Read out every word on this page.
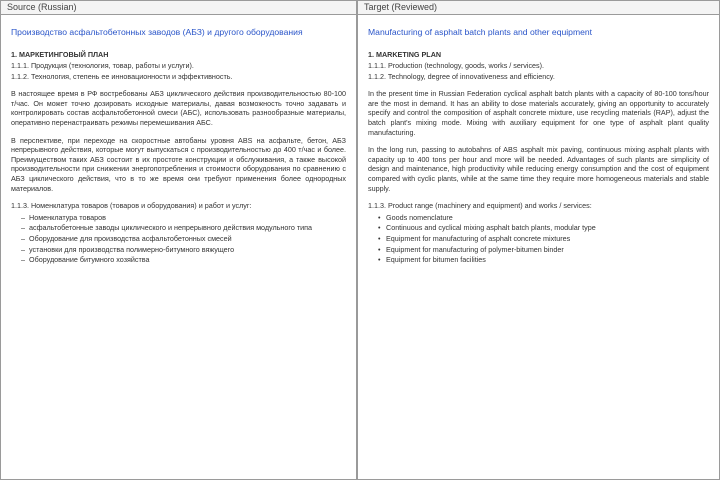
Source (Russian)
Производство асфальтобетонных заводов (АБЗ) и другого оборудования
1. МАРКЕТИНГОВЫЙ ПЛАН
1.1.1. Продукция (технология, товар, работы и услуги).
1.1.2. Технология, степень ее инновационности и эффективность.
В настоящее время в РФ востребованы АБЗ циклического действия производительностью 80-100 т/час. Он может точно дозировать исходные материалы, давая возможность точно задавать и контролировать состав асфальтобетонной смеси (АБС), использовать разнообразные материалы, оперативно перенастраивать режимы перемешивания АБС.
В перспективе, при переходе на скоростные автобаны уровня ABS на асфальте, бетон, АБЗ непрерывного действия, которые могут выпускаться с производительностью до 400 т/час и более. Преимуществом таких АБЗ состоит в их простоте конструкции и обслуживания, а также высокой производительности при снижении энергопотребления и стоимости оборудования по сравнению с АБЗ циклического действия, что в то же время они требуют применения более однородных материалов.
1.1.3. Номенклатура товаров (товаров и оборудования) и работ и услуг:
– Номенклатура товаров
– асфальтобетонные заводы циклического и непрерывного действия модульного типа
– Оборудование для производства асфальтобетонных смесей
– установки для производства полимерно-битумного вяжущего
– Оборудование битумного хозяйства
Target (Reviewed)
Manufacturing of asphalt batch plants and other equipment
1. MARKETING PLAN
1.1.1. Production (technology, goods, works / services).
1.1.2. Technology, degree of innovativeness and efficiency.
In the present time in Russian Federation cyclical asphalt batch plants with a capacity of 80-100 tons/hour are the most in demand. It has an ability to dose materials accurately, giving an opportunity to accurately specify and control the composition of asphalt concrete mixture, use recycling materials (RAP), adjust the batch plant's mixing mode. Mixing with auxiliary equipment for one type of asphalt plant quality manufacturing.
In the long run, passing to autobahns of ABS asphalt mix paving, continuous mixing asphalt plants with capacity up to 400 tons per hour and more will be needed. Advantages of such plants are simplicity of design and maintenance, high productivity while reducing energy consumption and the cost of equipment compared with cyclic plants, while at the same time they require more homogeneous materials and stable supply.
1.1.3. Product range (machinery and equipment) and works / services:
• Goods nomenclature
• Continuous and cyclical mixing asphalt batch plants, modular type
• Equipment for manufacturing of asphalt concrete mixtures
• Equipment for manufacturing of polymer-bitumen binder
• Equipment for bitumen facilities
